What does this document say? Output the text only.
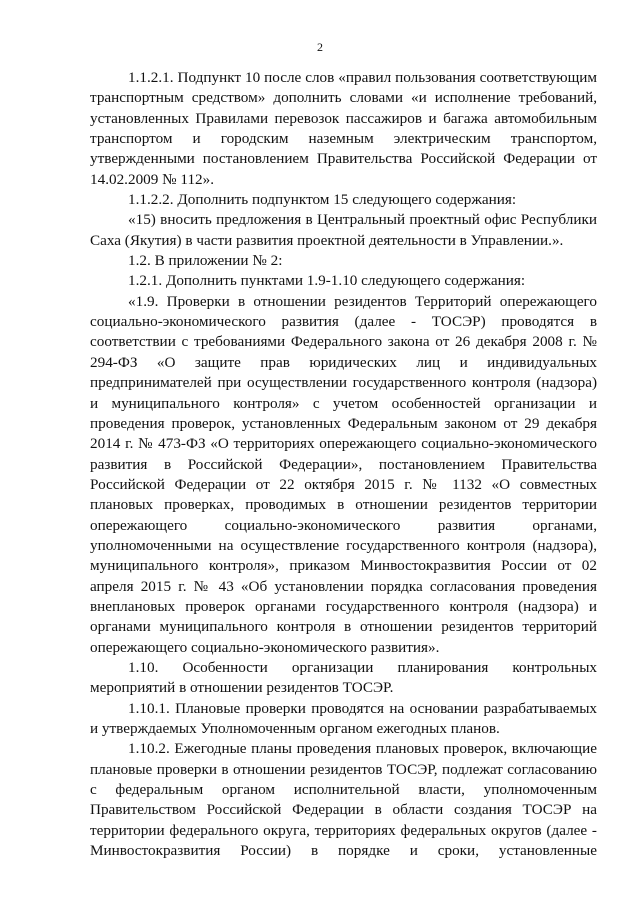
2

1.1.2.1. Подпункт 10 после слов «правил пользования соответствующим транспортным средством» дополнить словами «и исполнение требований, установленных Правилами перевозок пассажиров и багажа автомобильным транспортом и городским наземным электрическим транспортом, утвержденными постановлением Правительства Российской Федерации от 14.02.2009 № 112».

1.1.2.2. Дополнить подпунктом 15 следующего содержания:

«15) вносить предложения в Центральный проектный офис Республики Саха (Якутия) в части развития проектной деятельности в Управлении.».

1.2. В приложении № 2:

1.2.1. Дополнить пунктами 1.9-1.10 следующего содержания:

«1.9. Проверки в отношении резидентов Территорий опережающего социально-экономического развития (далее - ТОСЭР) проводятся в соответствии с требованиями Федерального закона от 26 декабря 2008 г. № 294-ФЗ «О защите прав юридических лиц и индивидуальных предпринимателей при осуществлении государственного контроля (надзора) и муниципального контроля» с учетом особенностей организации и проведения проверок, установленных Федеральным законом от 29 декабря 2014 г. № 473-ФЗ «О территориях опережающего социально-экономического развития в Российской Федерации», постановлением Правительства Российской Федерации от 22 октября 2015 г. № 1132 «О совместных плановых проверках, проводимых в отношении резидентов территории опережающего социально-экономического развития органами, уполномоченными на осуществление государственного контроля (надзора), муниципального контроля», приказом Минвостокразвития России от 02 апреля 2015 г. № 43 «Об установлении порядка согласования проведения внеплановых проверок органами государственного контроля (надзора) и органами муниципального контроля в отношении резидентов территорий опережающего социально-экономического развития».

1.10. Особенности организации планирования контрольных мероприятий в отношении резидентов ТОСЭР.

1.10.1. Плановые проверки проводятся на основании разрабатываемых и утверждаемых Уполномоченным органом ежегодных планов.

1.10.2. Ежегодные планы проведения плановых проверок, включающие плановые проверки в отношении резидентов ТОСЭР, подлежат согласованию с федеральным органом исполнительной власти, уполномоченным Правительством Российской Федерации в области создания ТОСЭР на территории федерального округа, территориях федеральных округов (далее - Минвостокразвития России) в порядке и сроки, установленные
